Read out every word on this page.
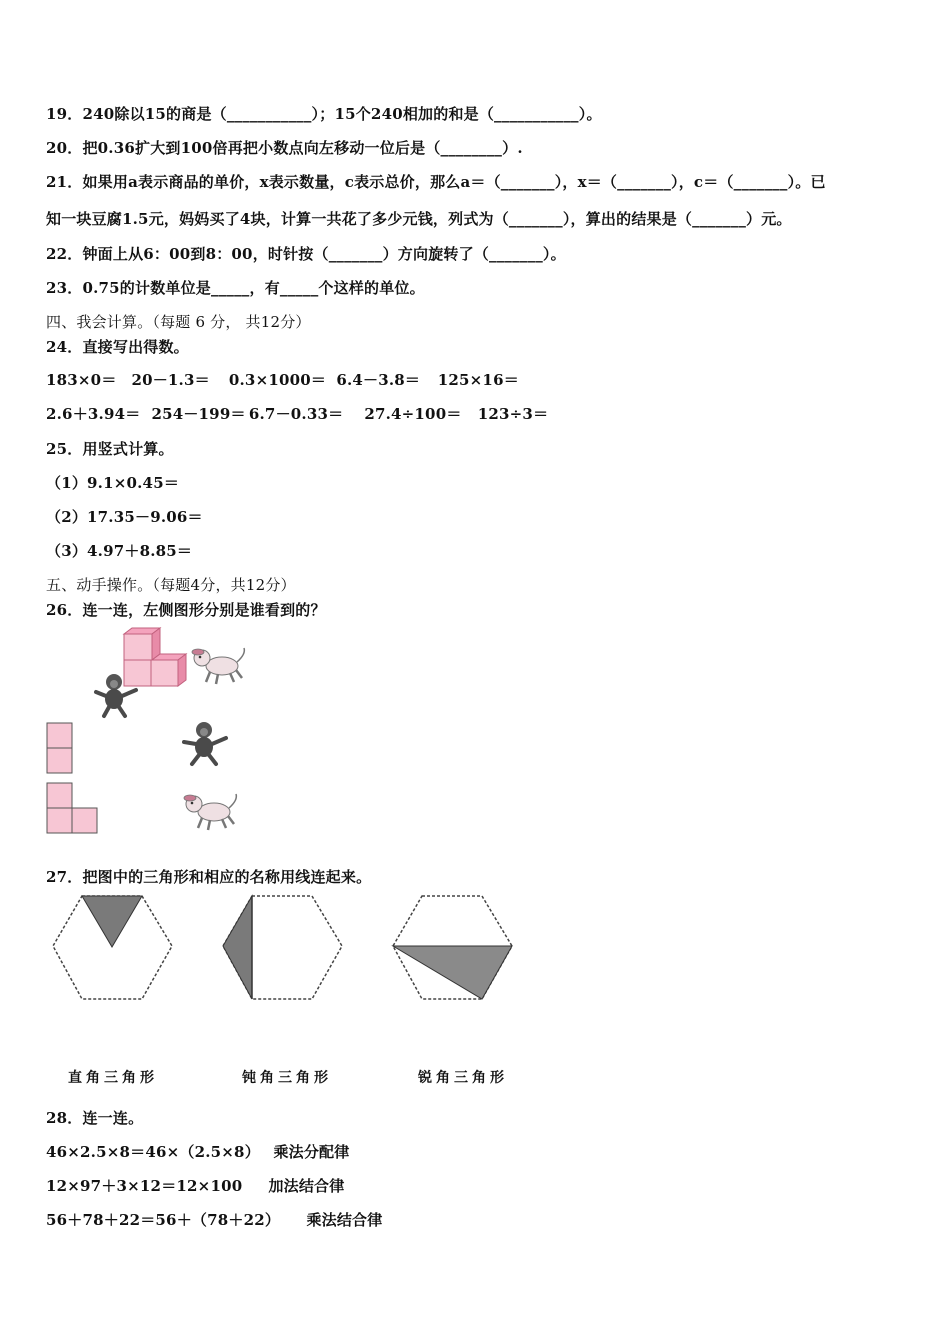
19．240除以15的商是（___________）；15个240相加的和是（___________）。
20．把0.36扩大到100倍再把小数点向左移动一位后是（________）.
21．如果用a表示商品的单价，x表示数量，c表示总价，那么a＝（_______），x＝（_______），c＝（_______）。已
知一块豆腐1.5元，妈妈买了4块，计算一共花了多少元钱，列式为（_______），算出的结果是（_______）元。
22．钟面上从6：00到8：00，时针按（_______）方向旋转了（_______）。
23．0.75的计数单位是_____，有_____个这样的单位。
四、我会计算。（每题 6 分， 共12分）
24．直接写出得数。
183×0＝ 20－1.3＝ 0.3×1000＝ 6.4－3.8＝ 125×16＝
2.6＋3.94＝ 254－199＝ 6.7－0.33＝ 27.4÷100＝ 123÷3＝
25．用竖式计算。
（1）9.1×0.45＝
（2）17.35－9.06＝
（3）4.97＋8.85＝
五、动手操作。（每题4分，共12分）
26．连一连，左侧图形分别是谁看到的？
27．把图中的三角形和相应的名称用线连起来。
直角三角形	钝角三角形	锐角三角形
28．连一连。
46×2.5×8＝46×（2.5×8） 乘法分配律
12×97＋3×12＝12×100 加法结合律
56＋78＋22＝56＋（78＋22） 乘法结合律
